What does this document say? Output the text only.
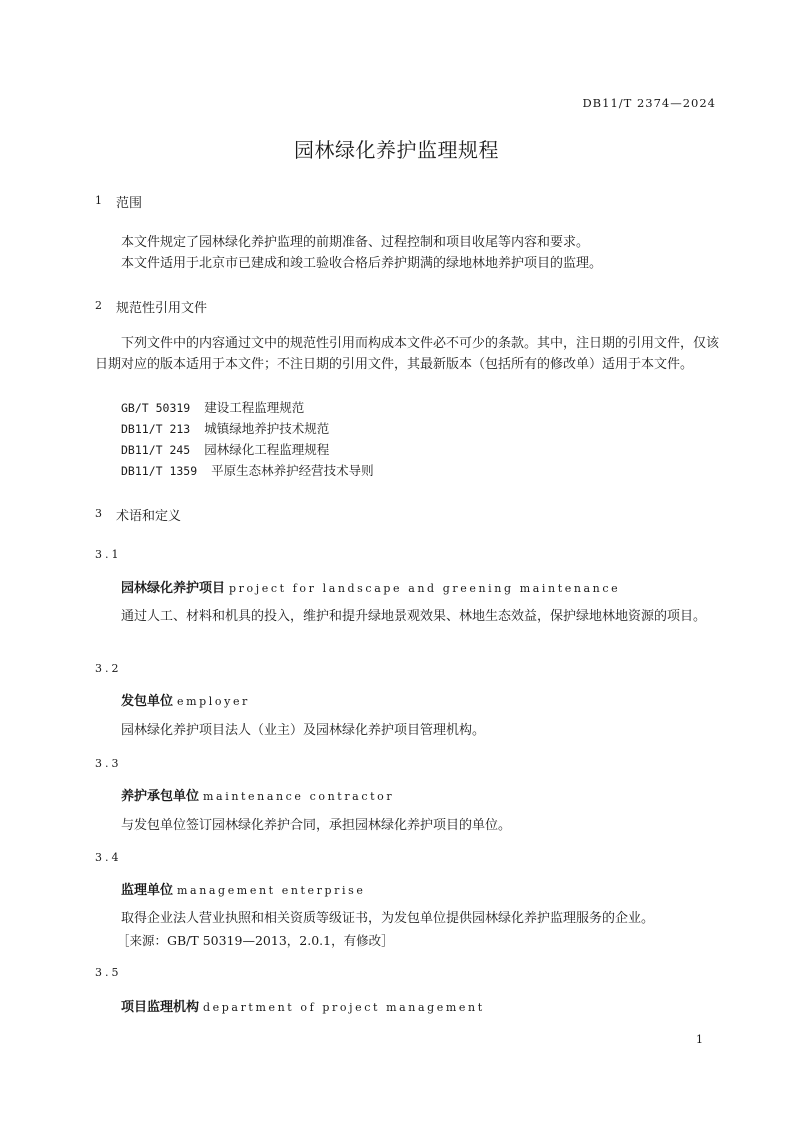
DB11/T 2374—2024
园林绿化养护监理规程
1 范围
本文件规定了园林绿化养护监理的前期准备、过程控制和项目收尾等内容和要求。
本文件适用于北京市已建成和竣工验收合格后养护期满的绿地林地养护项目的监理。
2 规范性引用文件
下列文件中的内容通过文中的规范性引用而构成本文件必不可少的条款。其中，注日期的引用文件，仅该日期对应的版本适用于本文件；不注日期的引用文件，其最新版本（包括所有的修改单）适用于本文件。
GB/T 50319 建设工程监理规范
DB11/T 213 城镇绿地养护技术规范
DB11/T 245 园林绿化工程监理规程
DB11/T 1359 平原生态林养护经营技术导则
3 术语和定义
3.1
园林绿化养护项目 project for landscape and greening maintenance
通过人工、材料和机具的投入，维护和提升绿地景观效果、林地生态效益，保护绿地林地资源的项目。
3.2
发包单位 employer
园林绿化养护项目法人（业主）及园林绿化养护项目管理机构。
3.3
养护承包单位 maintenance contractor
与发包单位签订园林绿化养护合同，承担园林绿化养护项目的单位。
3.4
监理单位 management enterprise
取得企业法人营业执照和相关资质等级证书，为发包单位提供园林绿化养护监理服务的企业。
［来源：GB/T 50319—2013，2.0.1，有修改］
3.5
项目监理机构 department of project management
1
